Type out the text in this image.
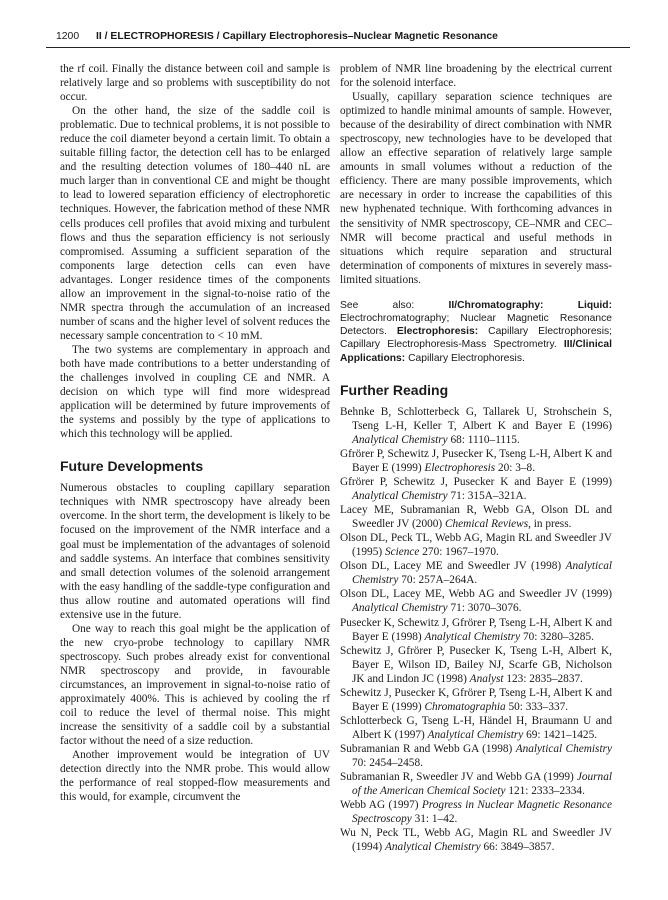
1200 II / ELECTROPHORESIS / Capillary Electrophoresis–Nuclear Magnetic Resonance

the rf coil. Finally the distance between coil and sample is relatively large and so problems with susceptibility do not occur.

On the other hand, the size of the saddle coil is problematic. Due to technical problems, it is not possible to reduce the coil diameter beyond a certain limit. To obtain a suitable filling factor, the detection cell has to be enlarged and the resulting detection volumes of 180–440 nL are much larger than in conventional CE and might be thought to lead to lowered separation efficiency of electrophoretic techniques. However, the fabrication method of these NMR cells produces cell profiles that avoid mixing and turbulent flows and thus the separation efficiency is not seriously compromised. Assuming a sufficient separation of the components large detection cells can even have advantages. Longer residence times of the components allow an improvement in the signal-to-noise ratio of the NMR spectra through the accumulation of an increased number of scans and the higher level of solvent reduces the necessary sample concentration to < 10 mM.

The two systems are complementary in approach and both have made contributions to a better understanding of the challenges involved in coupling CE and NMR. A decision on which type will find more widespread application will be determined by future improvements of the systems and possibly by the type of applications to which this technology will be applied.

Future Developments

Numerous obstacles to coupling capillary separation techniques with NMR spectroscopy have already been overcome. In the short term, the development is likely to be focused on the improvement of the NMR interface and a goal must be implementation of the advantages of solenoid and saddle systems. An interface that combines sensitivity and small detection volumes of the solenoid arrangement with the easy handling of the saddle-type configuration and thus allow routine and automated operations will find extensive use in the future.

One way to reach this goal might be the application of the new cryo-probe technology to capillary NMR spectroscopy. Such probes already exist for conventional NMR spectroscopy and provide, in favourable circumstances, an improvement in signal-to-noise ratio of approximately 400%. This is achieved by cooling the rf coil to reduce the level of thermal noise. This might increase the sensitivity of a saddle coil by a substantial factor without the need of a size reduction.

Another improvement would be integration of UV detection directly into the NMR probe. This would allow the performance of real stopped-flow measurements and this would, for example, circumvent the

problem of NMR line broadening by the electrical current for the solenoid interface.

Usually, capillary separation science techniques are optimized to handle minimal amounts of sample. However, because of the desirability of direct combination with NMR spectroscopy, new technologies have to be developed that allow an effective separation of relatively large sample amounts in small volumes without a reduction of the efficiency. There are many possible improvements, which are necessary in order to increase the capabilities of this new hyphenated technique. With forthcoming advances in the sensitivity of NMR spectroscopy, CE–NMR and CEC–NMR will become practical and useful methods in situations which require separation and structural determination of components of mixtures in severely mass-limited situations.

See also: II/Chromatography: Liquid: Electrochromatography; Nuclear Magnetic Resonance Detectors. Electrophoresis: Capillary Electrophoresis; Capillary Electrophoresis-Mass Spectrometry. III/Clinical Applications: Capillary Electrophoresis.

Further Reading

Behnke B, Schlotterbeck G, Tallarek U, Strohschein S, Tseng L-H, Keller T, Albert K and Bayer E (1996) Analytical Chemistry 68: 1110–1115.

Gfrörer P, Schewitz J, Pusecker K, Tseng L-H, Albert K and Bayer E (1999) Electrophoresis 20: 3–8.

Gfrörer P, Schewitz J, Pusecker K and Bayer E (1999) Analytical Chemistry 71: 315A–321A.

Lacey ME, Subramanian R, Webb GA, Olson DL and Sweedler JV (2000) Chemical Reviews, in press.

Olson DL, Peck TL, Webb AG, Magin RL and Sweedler JV (1995) Science 270: 1967–1970.

Olson DL, Lacey ME and Sweedler JV (1998) Analytical Chemistry 70: 257A–264A.

Olson DL, Lacey ME, Webb AG and Sweedler JV (1999) Analytical Chemistry 71: 3070–3076.

Pusecker K, Schewitz J, Gfrörer P, Tseng L-H, Albert K and Bayer E (1998) Analytical Chemistry 70: 3280–3285.

Schewitz J, Gfrörer P, Pusecker K, Tseng L-H, Albert K, Bayer E, Wilson ID, Bailey NJ, Scarfe GB, Nicholson JK and Lindon JC (1998) Analyst 123: 2835–2837.

Schewitz J, Pusecker K, Gfrörer P, Tseng L-H, Albert K and Bayer E (1999) Chromatographia 50: 333–337.

Schlotterbeck G, Tseng L-H, Händel H, Braumann U and Albert K (1997) Analytical Chemistry 69: 1421–1425.

Subramanian R and Webb GA (1998) Analytical Chemistry 70: 2454–2458.

Subramanian R, Sweedler JV and Webb GA (1999) Journal of the American Chemical Society 121: 2333–2334.

Webb AG (1997) Progress in Nuclear Magnetic Resonance Spectroscopy 31: 1–42.

Wu N, Peck TL, Webb AG, Magin RL and Sweedler JV (1994) Analytical Chemistry 66: 3849–3857.
